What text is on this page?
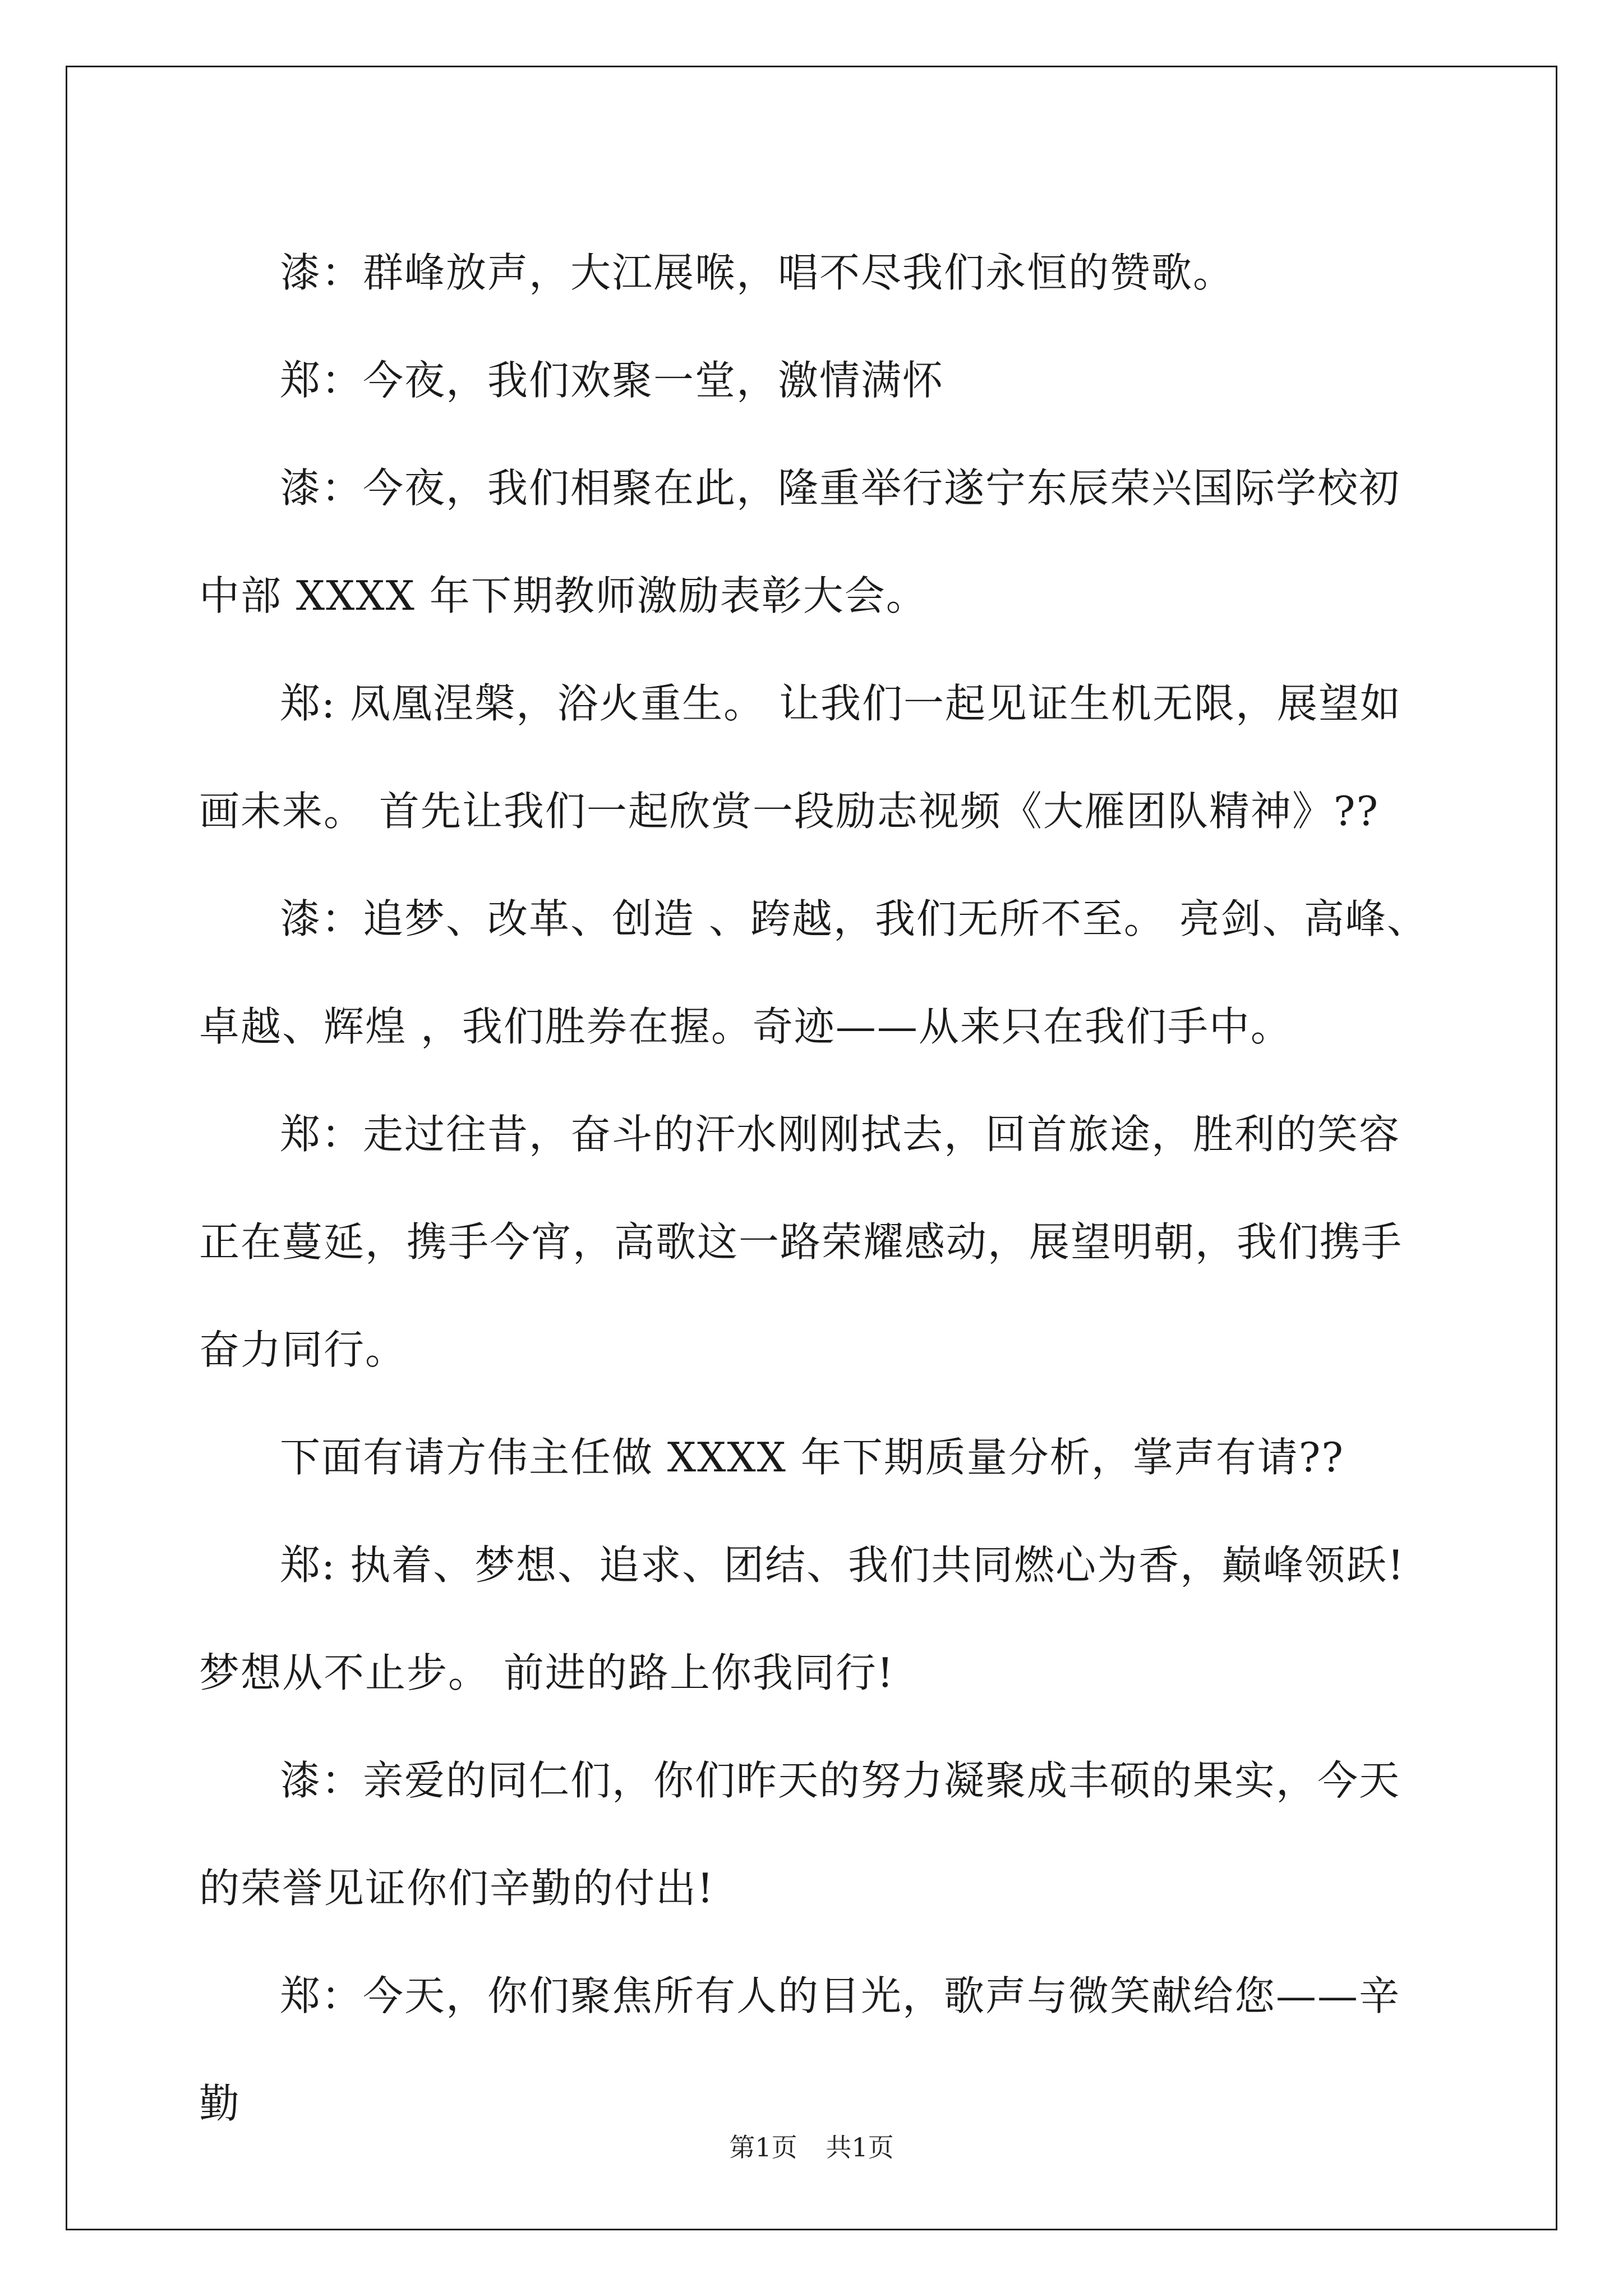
漆：群峰放声，大江展喉，唱不尽我们永恒的赞歌。

郑：今夜，我们欢聚一堂，激情满怀

漆：今夜，我们相聚在此，隆重举行遂宁东辰荣兴国际学校初中部 XXXX 年下期教师激励表彰大会。

郑: 凤凰涅槃，浴火重生。 让我们一起见证生机无限，展望如画未来。 首先让我们一起欣赏一段励志视频《大雁团队精神》??

漆：追梦、改革、创造 、跨越，我们无所不至。 亮剑、高峰、卓越、辉煌 ，我们胜券在握。奇迹——从来只在我们手中。

郑：走过往昔，奋斗的汗水刚刚拭去，回首旅途，胜利的笑容正在蔓延，携手今宵，高歌这一路荣耀感动，展望明朝，我们携手奋力同行。

下面有请方伟主任做 XXXX 年下期质量分析，掌声有请??

郑: 执着、梦想、追求、团结、我们共同燃心为香，巅峰领跃!梦想从不止步。 前进的路上你我同行!

漆：亲爱的同仁们，你们昨天的努力凝聚成丰硕的果实，今天的荣誉见证你们辛勤的付出!

郑：今天，你们聚焦所有人的目光，歌声与微笑献给您——辛勤

第1页 共1页
